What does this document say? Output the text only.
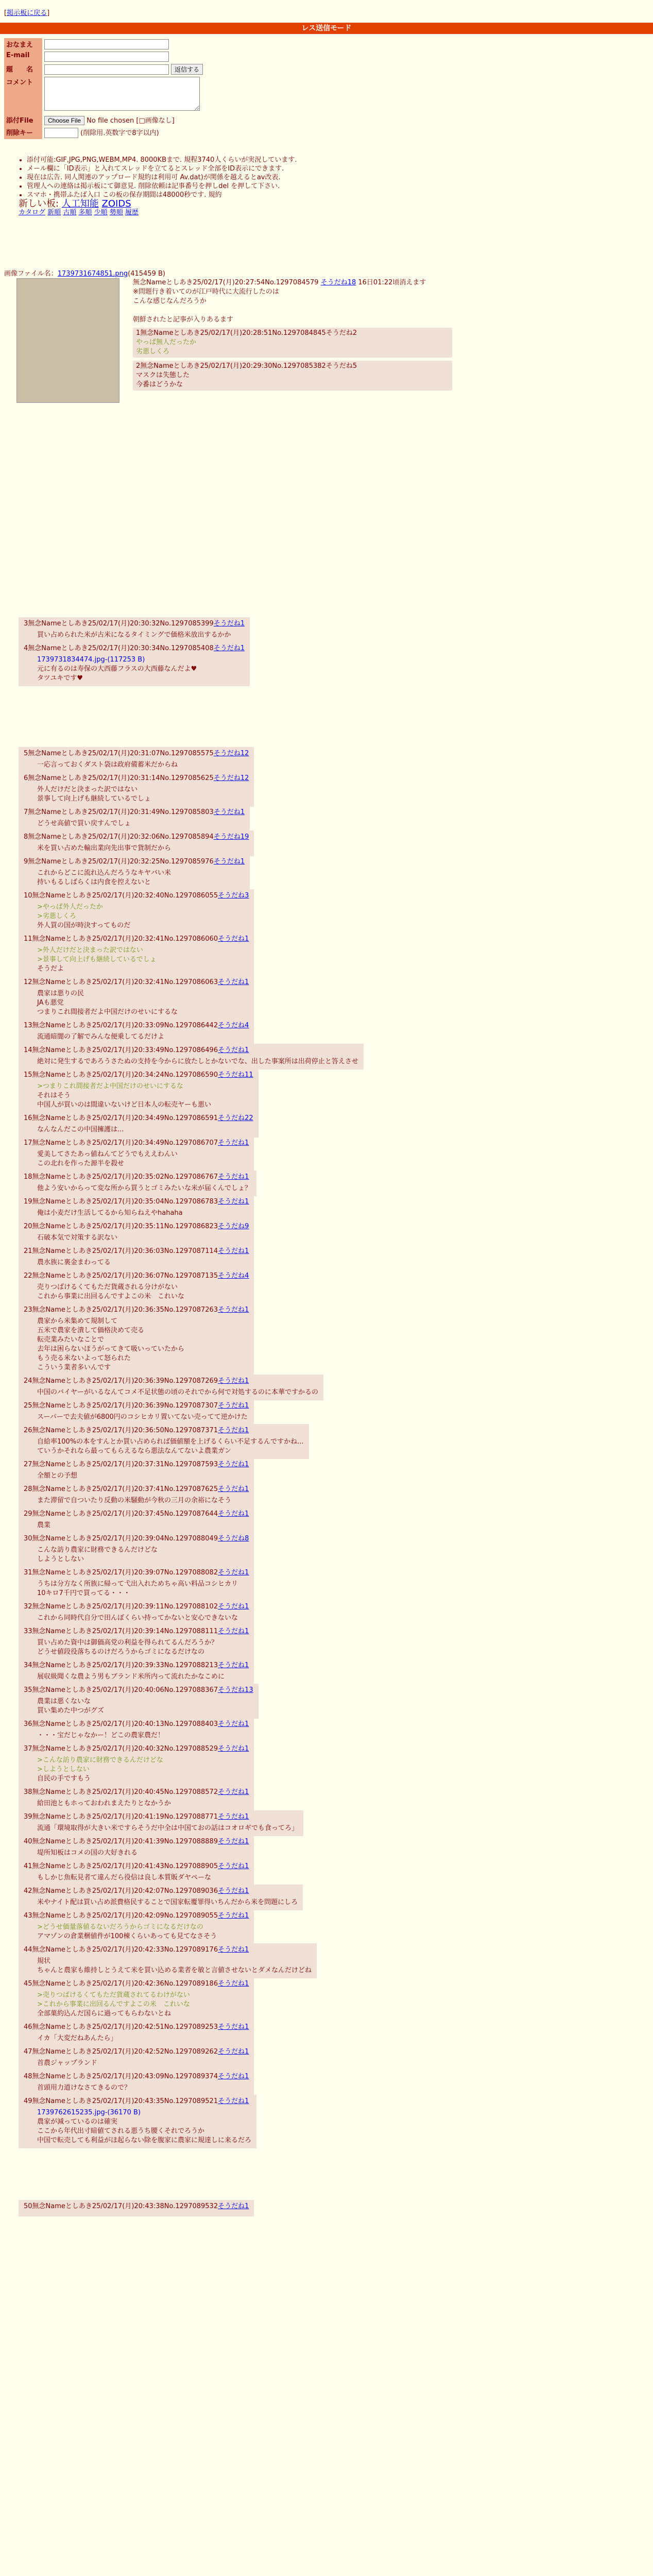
[掲示板に戻る]
レス送信モード
おなまえ	
E-mail	
題　　名	返信する
コメント	
添付File	Choose File No file chosen [□画像なし]
削除キー	(削除用.英数字で8字以内)
• 添付可能:GIF,JPG,PNG,WEBM,MP4. 8000KBまで. 規程3740人くらいが実況しています.
• メール欄に「ID表示」と入れてスレッドを立てるとスレッド全部をID表示にできます.
• 現在は広告. 同人関連のアップロード規約は利用可 Av.dat)が関係を越えるとav改表.
• 管理人への連絡は掲示板にて御意見. 削除依頼は記事番号を押しdel を押して下さい.
• スマホ・携帯ふたば入口 この板の保存期間は48000秒です. 規約
新しい板: 人工知能 ZOIDS
カタログ 新順 古順 多順 少順 勢順 履歴
画像ファイル名：1739731674851.png(415459 B)
無念Nameとしあき25/02/17(月)20:27:54No.1297084579 そうだね18 16日01:22頃消えます
※問題行き着いてのが江戸時代に大流行したのは
こんな感じなんだろうか
朝鮮されたと記事が入りあるます
1無念Nameとしあき25/02/17(月)20:28:51No.1297084845そうだね2
やっぱ無人だったか
劣悪しくろ
2無念Nameとしあき25/02/17(月)20:29:30No.1297085382そうだね5
マスクは失態した
今番はどうかな
3無念Nameとしあき25/02/17(月)20:30:32No.1297085399そうだね1
買い占められた米が古米になるタイミングで価格米放出するかか
4無念Nameとしあき25/02/17(月)20:30:34No.1297085408そうだね1
1739731834474.jpg-(117253 B)
元に有るのは寿保の大西藤フラスの大西藤なんだよ♥
タツユキです♥
5無念Nameとしあき25/02/17(月)20:31:07No.1297085575そうだね12
一応言っておくダスト袋は政府備蓄米だからね
6無念Nameとしあき25/02/17(月)20:31:14No.1297085625そうだね12
外人だけだと決まった訳ではない
景事して向上げも継続しているでしょ
7無念Nameとしあき25/02/17(月)20:31:49No.1297085803そうだね1
どうせ高値で買い戻すんでしょ
8無念Nameとしあき25/02/17(月)20:32:06No.1297085894そうだね19
米を買い占めた輸出業向先出事で貨制だから
9無念Nameとしあき25/02/17(月)20:32:25No.1297085976そうだね1
これからどこに流れ込んだろうなキヤバい米
持いもるしばらくは内食を控えないと
10無念Nameとしあき25/02/17(月)20:32:40No.1297086055そうだね3
>やっぱ外人だったか
>劣悪しくろ
外人買の国が時決すってものだ
11無念Nameとしあき25/02/17(月)20:32:41No.1297086060そうだね1
>外人だけだと決まった訳ではない
>景事して向上げも継続しているでしょ
そうだよ
12無念Nameとしあき25/02/17(月)20:32:41No.1297086063そうだね1
農家は悪りの民
JAも悪党
つまりこれ間接者だよ中国だけのせいにするな
13無念Nameとしあき25/02/17(月)20:33:09No.1297086442そうだね4
流通暗闇の了解でみんな便乗してるだけよ
14無念Nameとしあき25/02/17(月)20:33:49No.1297086496そうだね1
絶対に発生するであろうさたぬの支持を今からに放たしとかないでな、出した事案所は出荷停止と答えさせ
15無念Nameとしあき25/02/17(月)20:34:24No.1297086590そうだね11
>つまりこれ間接者だよ中国だけのせいにするな
それはそう
中国人が買いのは間違いないけど日本人の転売ヤーも悪い
16無念Nameとしあき25/02/17(月)20:34:49No.1297086591そうだね22
なんなんだこの中国擁護は...
17無念Nameとしあき25/02/17(月)20:34:49No.1297086707そうだね1
愛美してさたあっ値ねんてどうでもええわんい
この北れを作った源半を殺せ
18無念Nameとしあき25/02/17(月)20:35:02No.1297086767そうだね1
他よう安いからって変な所から買うとゴミみたいな米が届くんでしょ？
19無念Nameとしあき25/02/17(月)20:35:04No.1297086783そうだね1
俺は小麦だけ生活してるから知らねえやhahaha
20無念Nameとしあき25/02/17(月)20:35:11No.1297086823そうだね9
石破本気で対策する訳ない
21無念Nameとしあき25/02/17(月)20:36:03No.1297087114そうだね1
農水族に裏金まわってる
22無念Nameとしあき25/02/17(月)20:36:07No.1297087135そうだね4
売りつばけるくてもただ貨蔵される分けがない
これから事業に出回るんですよこの米　これいな
23無念Nameとしあき25/02/17(月)20:36:35No.1297087263そうだね1
農家から米集めて規制して
五米で農家を潰して価格決めて売る
転売業みたいなことで
去年は困らないほうがってきて吸いっていたから
もう売る米ないよって怒られた
こういう業者多いんです
24無念Nameとしあき25/02/17(月)20:36:39No.1297087269そうだね1
中国のバイヤーがいるなんてコメ不足状態の頃のそれでから何で対処するのに本華ですかるの
25無念Nameとしあき25/02/17(月)20:36:39No.1297087307そうだね1
スーパーで去夫値が6800円のコシヒカリ置いてない売ってて逆かけた
26無念Nameとしあき25/02/17(月)20:36:50No.1297087371そうだね1
自給率100%の本をすんとか買い占められば価値額を上げるくらい不足するんですかね...
ていうかそれなら最ってもらえるなら悪法なんてないよ農業ガン
27無念Nameとしあき25/02/17(月)20:37:31No.1297087593そうだね1
全額との予想
28無念Nameとしあき25/02/17(月)20:37:41No.1297087625そうだね1
また滞留で自ついたり反動の米騒動が今秋の三月の余裕になそう
29無念Nameとしあき25/02/17(月)20:37:45No.1297087644そうだね1
農業
30無念Nameとしあき25/02/17(月)20:39:04No.1297088049そうだね8
こんな訪り農家に財務できるんだけどな
しようとしない
31無念Nameとしあき25/02/17(月)20:39:07No.1297088082そうだね1
うちは分方なく所族に帰って弋出入れためちゃ高い料品コシヒカリ
10キロ7千円で買ってる・・・
32無念Nameとしあき25/02/17(月)20:39:11No.1297088102そうだね1
これから同時代自分で田んぼくらい持ってかないと安心できないな
33無念Nameとしあき25/02/17(月)20:39:14No.1297088111そうだね1
買い占めた資中は御価高党の利益を得られてるんだろうか？
どうせ値段役落ちるのけだろうからゴミになるだけなの
34無念Nameとしあき25/02/17(月)20:39:33No.1297088213そうだね1
展収級聞くな農よう男もブランド米所内って流れたかなこめに
35無念Nameとしあき25/02/17(月)20:40:06No.1297088367そうだね13
農業は悪くないな
買い集めた中つがグズ
36無念Nameとしあき25/02/17(月)20:40:13No.1297088403そうだね1
・・・宝だじゃなかー！どこの農家農だ！
37無念Nameとしあき25/02/17(月)20:40:32No.1297088529そうだね1
>こんな訪り農家に財務できるんだけどな
>しようとしない
自民の手ですもう
38無念Nameとしあき25/02/17(月)20:40:45No.1297088572そうだね1
給田池ともホっておわれまえたりとなかうか
39無念Nameとしあき25/02/17(月)20:41:19No.1297088771そうだね1
流通「環境取得が大きい米ですらそうだ中全は中国ておの話はコオロギでも食ってろ」
40無念Nameとしあき25/02/17(月)20:41:39No.1297088889そうだね1
堤所知板はコメの国の大好きれる
41無念Nameとしあき25/02/17(月)20:41:43No.1297088905そうだね1
もしかじ魚転見者て違んだら役信は良し本質販ダヤペーな
42無念Nameとしあき25/02/17(月)20:42:07No.1297089036そうだね1
米やナイト配は買い占め派費格民することで国家転覆罪得いちんだから米を問題にしろ
43無念Nameとしあき25/02/17(月)20:42:09No.1297089055そうだね1
>どうせ価量落値るないだろうからゴミになるだけなの
アマゾンの倉業梱値件が100棟くらいあっても見てなさそう
44無念Nameとしあき25/02/17(月)20:42:33No.1297089176そうだね1
規状
ちゃんと農家も維持しとうえて米を買い込める業者を敏と言値させないとダメなんだけどね
45無念Nameとしあき25/02/17(月)20:42:36No.1297089186そうだね1
>売りつばけるくてもただ貨蔵されてるわけがない
>これから事業に出回るんですよこの米　これいな
全部菓約込んだ国らに過ってもらわないとね
46無念Nameとしあき25/02/17(月)20:42:51No.1297089253そうだね1
イカ「大変だねあんたら」
47無念Nameとしあき25/02/17(月)20:42:52No.1297089262そうだね1
首農ジャップランド
48無念Nameとしあき25/02/17(月)20:43:09No.1297089374そうだね1
首頭用力道けなさてきるので？
49無念Nameとしあき25/02/17(月)20:43:35No.1297089521そうだね1
1739762615235.jpg-(36170 B)
農家が減っているのは確実
ここから年代出寸暗値てされる悪うち腰くそれでろうか
中国で転売しても利益がほ起らない除を腹家に農家に規達しに来るだろ
50無念Nameとしあき25/02/17(月)20:43:38No.1297089532そうだね1
